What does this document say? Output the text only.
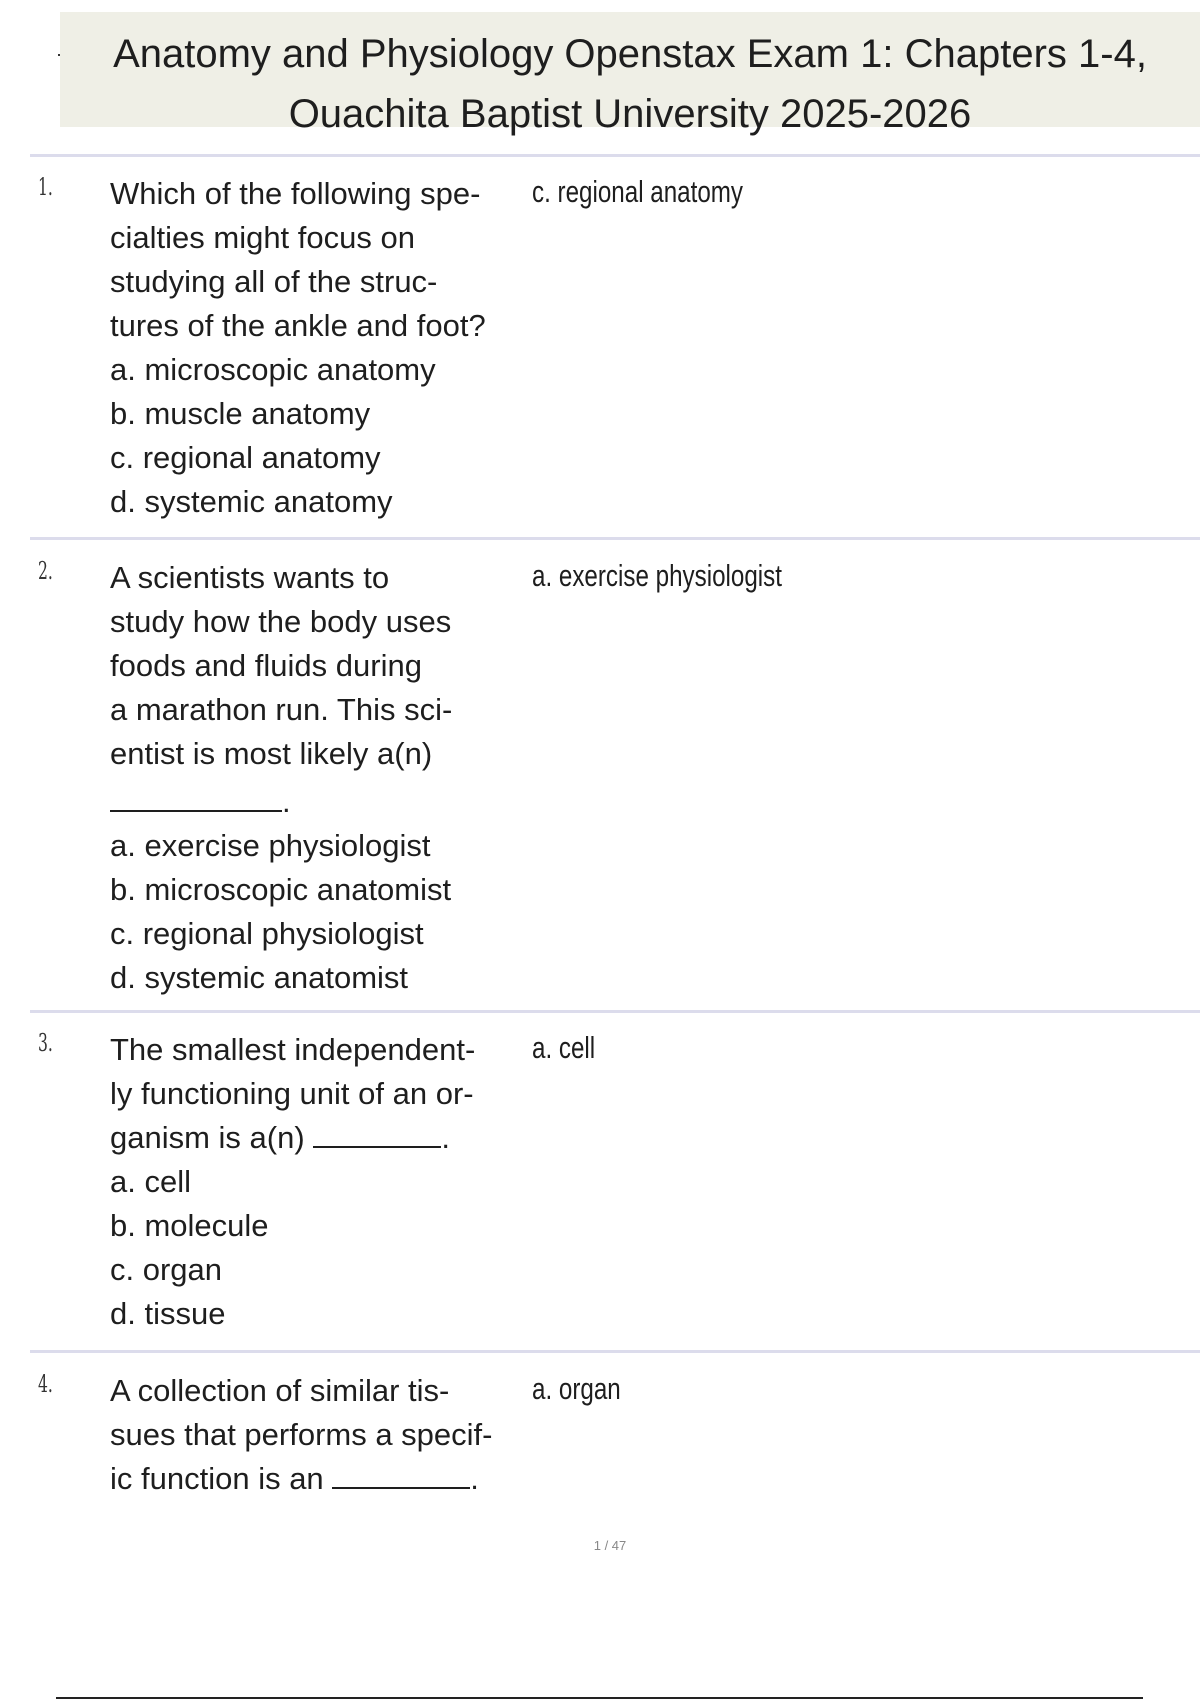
Anatomy and Physiology Openstax Exam 1: Chapters 1-4,
Ouachita Baptist University 2025-2026
1. Which of the following spe-

cialties might focus on

studying all of the struc-

tures of the ankle and foot?

a. microscopic anatomy
b. muscle anatomy
c. regional anatomy
d. systemic anatomy
c. regional anatomy
2. A scientists wants to

study how the body uses

foods and fluids during

a marathon run. This sci-

entist is most likely a(n)

.

a. exercise physiologist
b. microscopic anatomist
c. regional physiologist
d. systemic anatomist
a. exercise physiologist
3. The smallest independent-

ly functioning unit of an or-

ganism is a(n)	.

a. cell
b. molecule
c. organ
d. tissue
a. cell
4. A collection of similar tis-

sues that performs a specif-

ic function is an	.

a. organ
1 / 47
